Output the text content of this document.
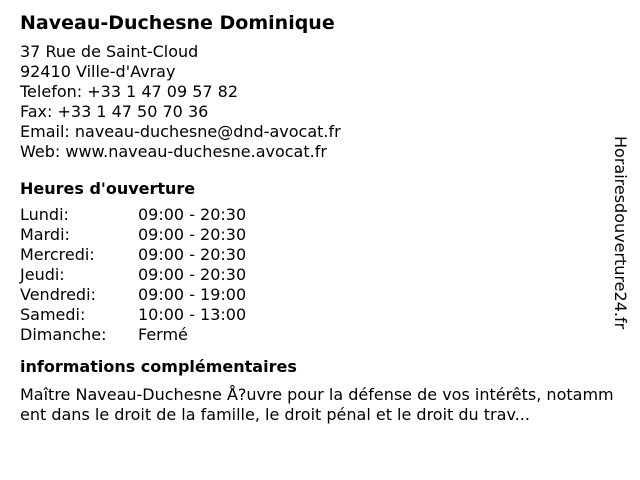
Naveau-Duchesne Dominique
37 Rue de Saint-Cloud
92410 Ville-d'Avray
Telefon: +33 1 47 09 57 82
Fax: +33 1 47 50 70 36
Email: naveau-duchesne@dnd-avocat.fr
Web: www.naveau-duchesne.avocat.fr
Heures d'ouverture
Lundi:	09:00 - 20:30
Mardi:	09:00 - 20:30
Mercredi:	09:00 - 20:30
Jeudi:	09:00 - 20:30
Vendredi:	09:00 - 19:00
Samedi:	10:00 - 13:00
Dimanche:	Fermé
informations complémentaires
Maître Naveau-Duchesne Å?uvre pour la défense de vos intérêts, notamment dans le droit de la famille, le droit pénal et le droit du trav...
Horairesdouverture24.fr
